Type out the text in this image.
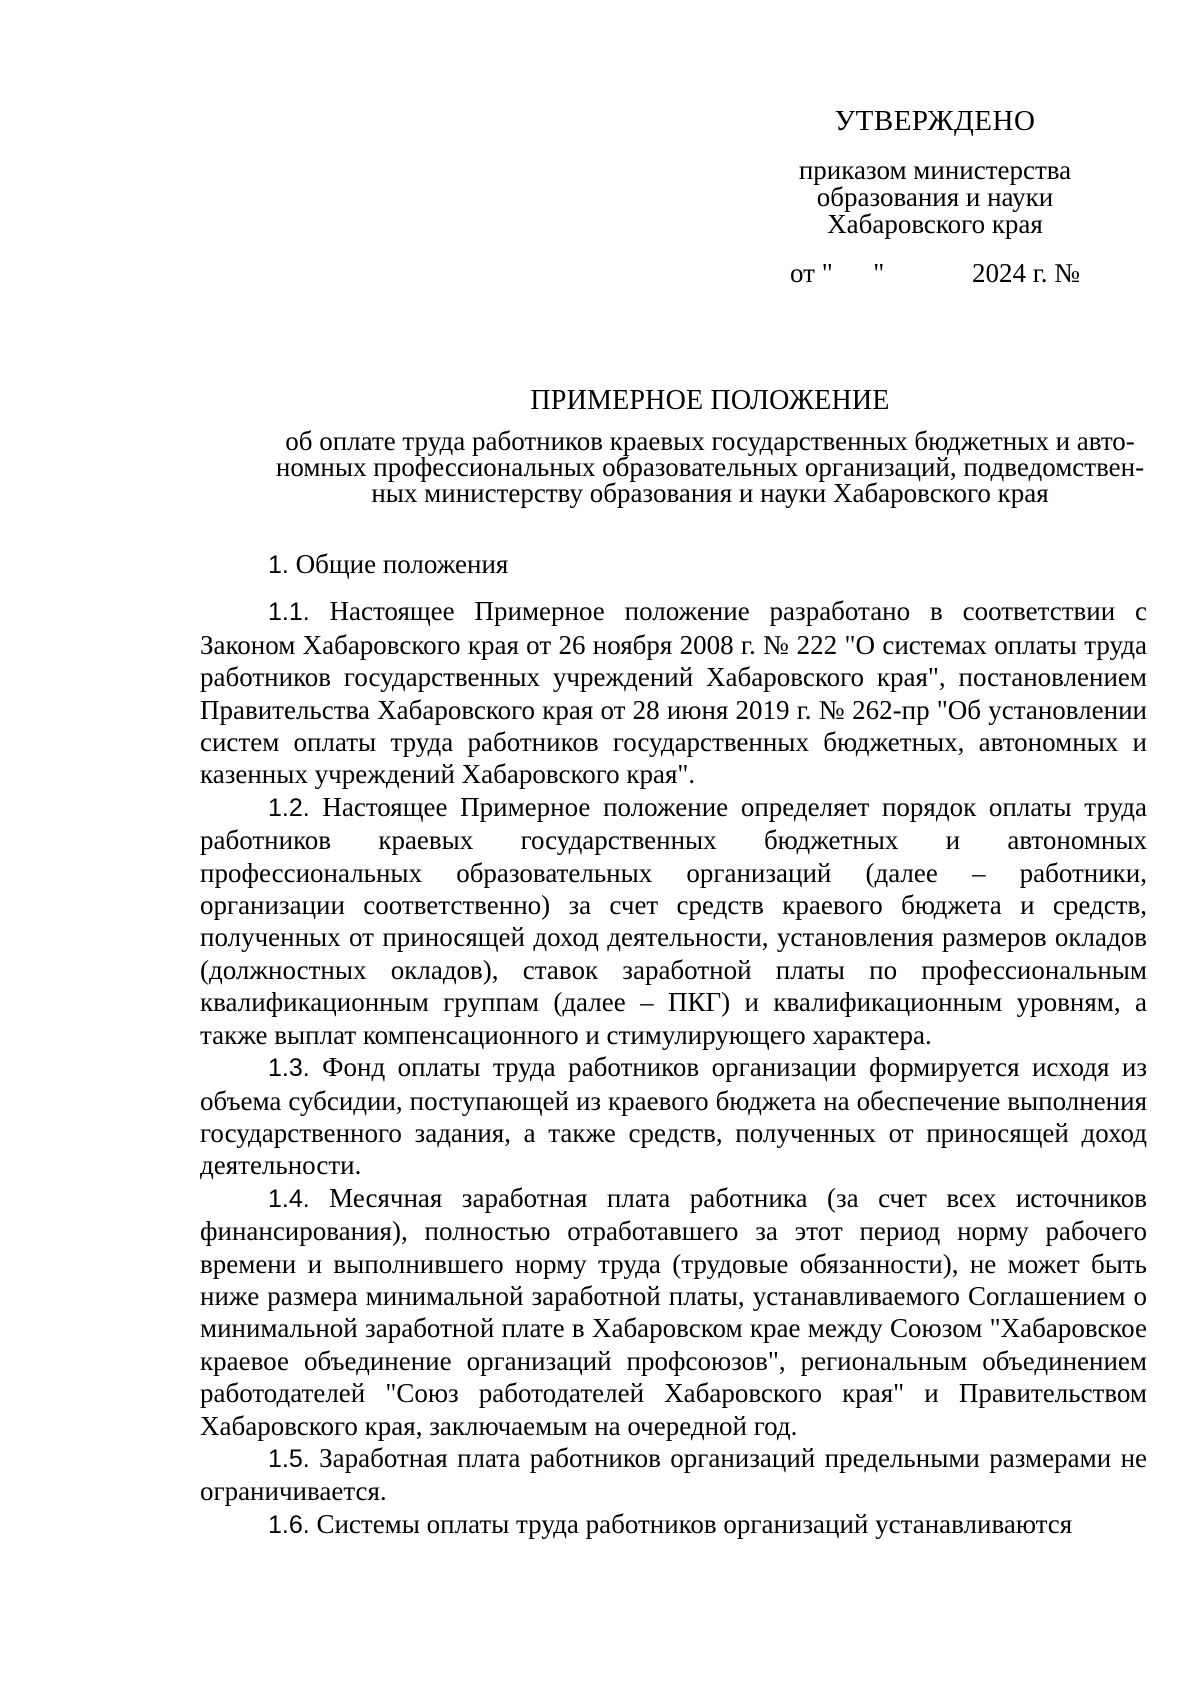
УТВЕРЖДЕНО
приказом министерства
образования и науки
Хабаровского края
от "      "             2024 г. №
ПРИМЕРНОЕ ПОЛОЖЕНИЕ
об оплате труда работников краевых государственных бюджетных и авто-
номных профессиональных образовательных организаций, подведомствен-
ных министерству образования и науки Хабаровского края

1. Общие положения

1.1. Настоящее Примерное положение разработано в соответствии с Законом Хабаровского края от 26 ноября 2008 г. № 222 "О системах оплаты труда работников государственных учреждений Хабаровского края", постановлением Правительства Хабаровского края от 28 июня 2019 г. № 262-пр "Об установлении систем оплаты труда работников государственных бюджетных, автономных и казенных учреждений Хабаровского края".

1.2. Настоящее Примерное положение определяет порядок оплаты труда работников краевых государственных бюджетных и автономных профессиональных образовательных организаций (далее – работники, организации соответственно) за счет средств краевого бюджета и средств, полученных от приносящей доход деятельности, установления размеров окладов (должностных окладов), ставок заработной платы по профессиональным квалификационным группам (далее – ПКГ) и квалификационным уровням, а также выплат компенсационного и стимулирующего характера.

1.3. Фонд оплаты труда работников организации формируется исходя из объема субсидии, поступающей из краевого бюджета на обеспечение выполнения государственного задания, а также средств, полученных от приносящей доход деятельности.

1.4. Месячная заработная плата работника (за счет всех источников финансирования), полностью отработавшего за этот период норму рабочего времени и выполнившего норму труда (трудовые обязанности), не может быть ниже размера минимальной заработной платы, устанавливаемого Соглашением о минимальной заработной плате в Хабаровском крае между Союзом "Хабаровское краевое объединение организаций профсоюзов", региональным объединением работодателей "Союз работодателей Хабаровского края" и Правительством Хабаровского края, заключаемым на очередной год.

1.5. Заработная плата работников организаций предельными размерами не ограничивается.

1.6. Системы оплаты труда работников организаций устанавливаются
